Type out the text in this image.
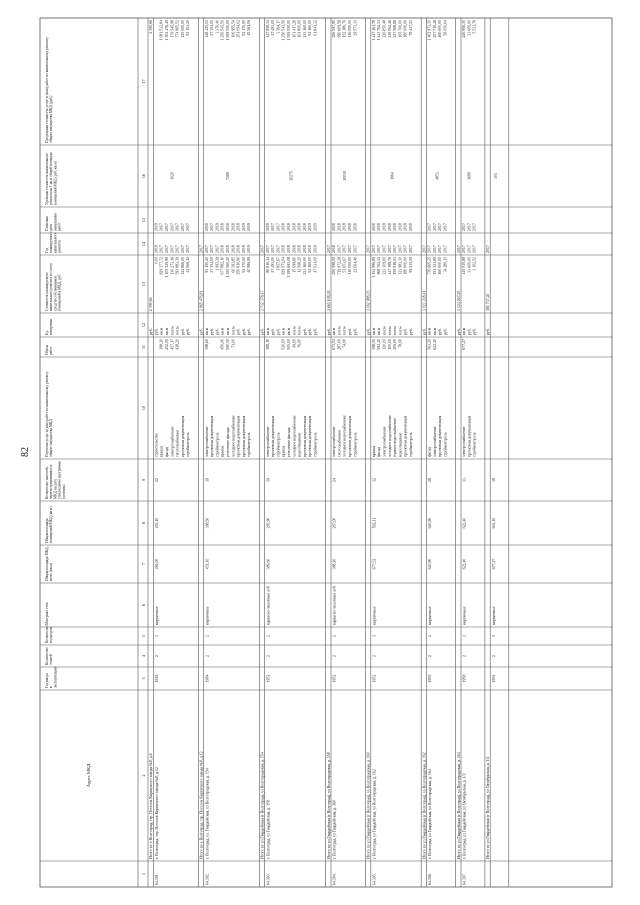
82
Адрес МКД
Год вводавэксплуатацию
Количествоэтажей
Количествоподъездов
Материал стен
Общая площадь МКД,всего (кв.м)
Общая площадьпомещений МКД (кв.м)
Количество жителей,зарегистрированных вМКД на датуутверждения программы(человек)
Перечень услуг и (или) работ по капитальному ремонтуобщего имущества МКД
Объемработ
Ед.измерения
Стоимость планируемогокапитального ремонта по счетусредств собственниковпомещений в МКД, руб.
Годпланируемогокапитальногоремонта
Плановаядатазавершенияработ
Удельная стоимость капитальногоремонта на 1 кв.м общей площадипомещений МКД (руб./кв.м)
Предельная стоимость услуг и (или) работ по капитальному ремонтуобщего имущества МКД (руб.)
1
2
3
4
5
6
7
8
9
10
11
12
13
14
15
16
17
Итого по г. Волгоград, тер. Поселок Кирпичного завода №8, д.6
руб.
2 390,66
2 390,66
строительство
руб.
0,00
2019
2019
крыша
198,20
кв.м
829 377,72
2017
2017
1 081 532,84
фасад
452,00
кв.м
1 105 525,99
2017
2017
1 302 476,49
электроснабжение
457,17
пог.м
130 273,16
2017
2017
179 545,98
теплоснабжение
428,20
пог.м
593 883,39
2017
2017
774 905,52
проектная документация
руб.
124 866,00
2017
2017
125 000,00
стройконтроль
руб.
43 566,12
2017
2017
52 153,20
64.391.
г. Волгоград, тер. Поселок Кирпичного завода №8, д.12
1948
2
1
кирпичные
492,00
453,10
22
1020
Итого по г. Волгоград, тер. Поселок Кирпичного завода №8, д.12
руб.
2 965 476,81
2017
электроснабжение
398,60
кв.м
93 150,20
2017
2018
148 425,51
проектная документация
руб.
27 354,00
2017
2017
27 354,00
стройконтроль
руб.
1 993,39
2017
2019
3 376,40
крыша
450,00
кв.м
677 882,10
2018
2018
1 256 543,50
утепление фасада
590,00
кв.м
1 350 560,20
2018
2018
1 559 550,00
холодное водоснабжение
71,00
пог.м
60 393,85
2018
2018
106 955,54
проектная документация
руб.
250 810,90
2018
2018
251 094,02
проектная документация
руб.
52 170,00
2019
2019
52 170,00
стройконтроль
руб.
40 986,99
2019
2019
45 561,06
64.392.
г. Волгоград, ул. Гвардейская, ул Волгоградская, д. 154
1984
2
2
кирпичные
451,10
398,50
19
7289
Итого по ул Гвардейская (г Волгоград), ул Волгоградская, д. 154
руб.
2 732 378,47
2017
электроснабжение
388,10
кв.м
86 816,14
2017
2018
147 858,34
проектная документация
руб.
27 493,00
2017
2017
27 493,00
стройконтроль
руб.
1 857,67
2017
2017
3 364,17
крыша
520,00
кв.м
829 573,04
2018
2018
1 256 543,50
утепление фасада
505,00
кв.м
1 399 693,08
2018
2018
1 559 550,00
холодное водоснабжение
49,00
пог.м
15 699,80
2018
2018
101 417,26
водоотведение
76,00
пог.м
12 568,20
2018
2018
161 800,00
проектная документация
руб.
233 160,00
2018
2018
233 160,00
проектная документация
руб.
52 160,00
2019
2019
52 160,00
стройконтроль
руб.
47 031,00
2019
2019
61 843,32
64.393.
г. Волгоград, ул Гвардейская, д. 158
1952
2
2
каркасно-засыпные ж/б
389,60
265,90
19
10275
Итого по ул Гвардейская (г Волгоград), ул Волгоградская, д. 158
руб.
2 663 108,38
2017
электроснабжение
673,52
кв.м
256 598,00
2018
2018
256 597,95
теплоснабжение
287,00
пог.м
719 972,28
2017
2018
990 609,58
холодное водоснабжение
74,00
пог.м
51 653,67
2017
2018
152 186,76
проектная документация
руб.
110 000,00
2017
2018
116 000,00
стройконтроль
руб.
22 064,40
2017
2018
29 573,31
64.394.
г. Волгоград, ул Гвардейская, д. 160
1952
2
2
каркасно-засыпные ж/б
388,10
267,00
24
10019
Итого по ул Гвардейская (г Волгоград), ул Волгоградская, д. 160
руб.
1 162 988,35
2017
крыша
398,55
кв.м
1 154 996,89
2017
2018
1 417 461,78
фасад
592,45
кв.м
968 762,34
2017
2018
1 443 762,34
электроснабжение
120,00
пог.м
223 309,00
2017
2018
226 850,48
холодное водоснабжение
100,00
пог.м
147 198,76
2017
2018
219 062,46
горячее водоснабжение
106,00
пог.м
159 918,53
2017
2018
227 568,88
водоотведение
78,00
пог.м
123 983,30
2017
2018
165 700,00
проектная документация
руб.
180 000,00
2017
2018
180 000,00
стройконтроль
руб.
59 235,59
2017
2018
79 447,23
64.395.
г. Волгоград, ул Гвардейская, ул Волгоградская, д. 162
1952
2
3
кирпичные
677,52
592,11
32
1964
Итого по ул Гвардейская (г Волгоград), ул Волгоградская, д. 162
руб.
3 023 238,41
2017
фасад
563,20
кв.м
776 665,25
2017
2017
1 402 973,35
электроснабжение
622,40
кв.м
153 321,89
2017
2017
257 710,48
проектная документация
руб.
160 000,00
2017
2017
160 000,00
стройконтроль
руб.
34 280,11
2017
2017
58 050,04
64.396.
г. Волгоград, ул Гвардейская, ул Волгоградская, д. 164
1955
2
2
кирпичные
620,90
620,90
28
4853
Итого по ул Гвардейская (г Волгоград), ул Волгоградская, д. 164
руб.
1 124 267,25
2017
электроснабжение
677,27
кв.м
145 035,88
2017
2017
226 956,35
проектная документация
руб.
33 600,00
2017
2017
33 600,00
стройконтроль
руб.
3 102,52
2017
2017
5 521,76
64.397.
г. Волгоград, ул Гвардейская, ул Октябрьская, д. 1/2
1958
2
2
кирпичные
622,40
622,40
33
1689
Итого по ул Гвардейская (г Волгоград), ул Октябрьская, д. 1/2
руб.
181 737,40
2017
1952
2
3
кирпичные
677,27
604,10
38
301
